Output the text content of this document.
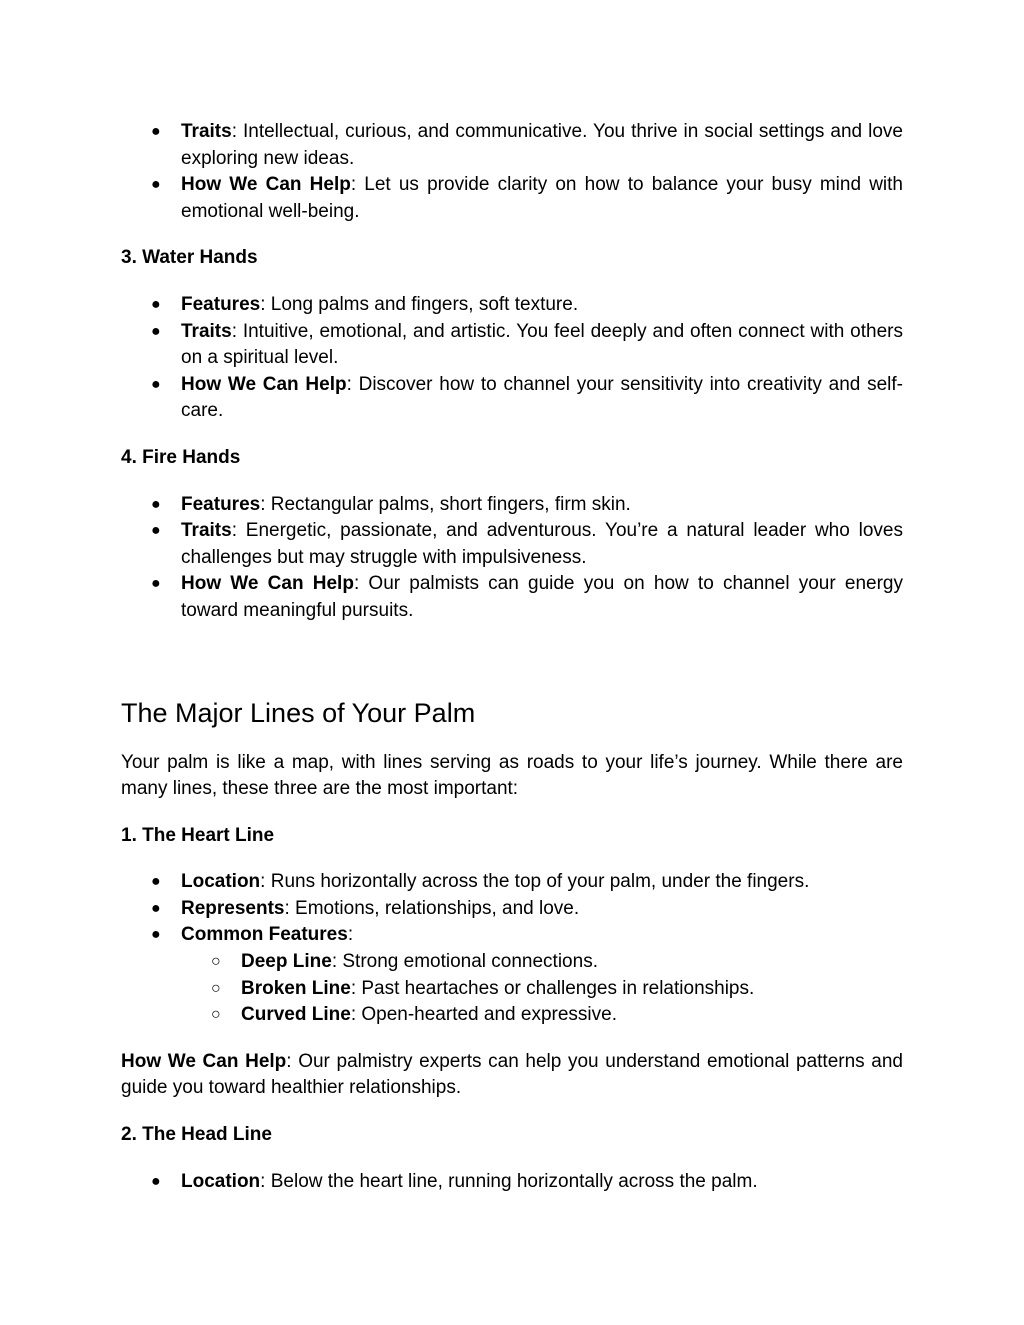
● Traits: Intellectual, curious, and communicative. You thrive in social settings and love exploring new ideas.
● How We Can Help: Let us provide clarity on how to balance your busy mind with emotional well-being.
3. Water Hands
● Features: Long palms and fingers, soft texture.
● Traits: Intuitive, emotional, and artistic. You feel deeply and often connect with others on a spiritual level.
● How We Can Help: Discover how to channel your sensitivity into creativity and self-care.
4. Fire Hands
● Features: Rectangular palms, short fingers, firm skin.
● Traits: Energetic, passionate, and adventurous. You’re a natural leader who loves challenges but may struggle with impulsiveness.
● How We Can Help: Our palmists can guide you on how to channel your energy toward meaningful pursuits.
The Major Lines of Your Palm
Your palm is like a map, with lines serving as roads to your life’s journey. While there are many lines, these three are the most important:
1. The Heart Line
● Location: Runs horizontally across the top of your palm, under the fingers.
● Represents: Emotions, relationships, and love.
● Common Features:
○ Deep Line: Strong emotional connections.
○ Broken Line: Past heartaches or challenges in relationships.
○ Curved Line: Open-hearted and expressive.
How We Can Help: Our palmistry experts can help you understand emotional patterns and guide you toward healthier relationships.
2. The Head Line
● Location: Below the heart line, running horizontally across the palm.
